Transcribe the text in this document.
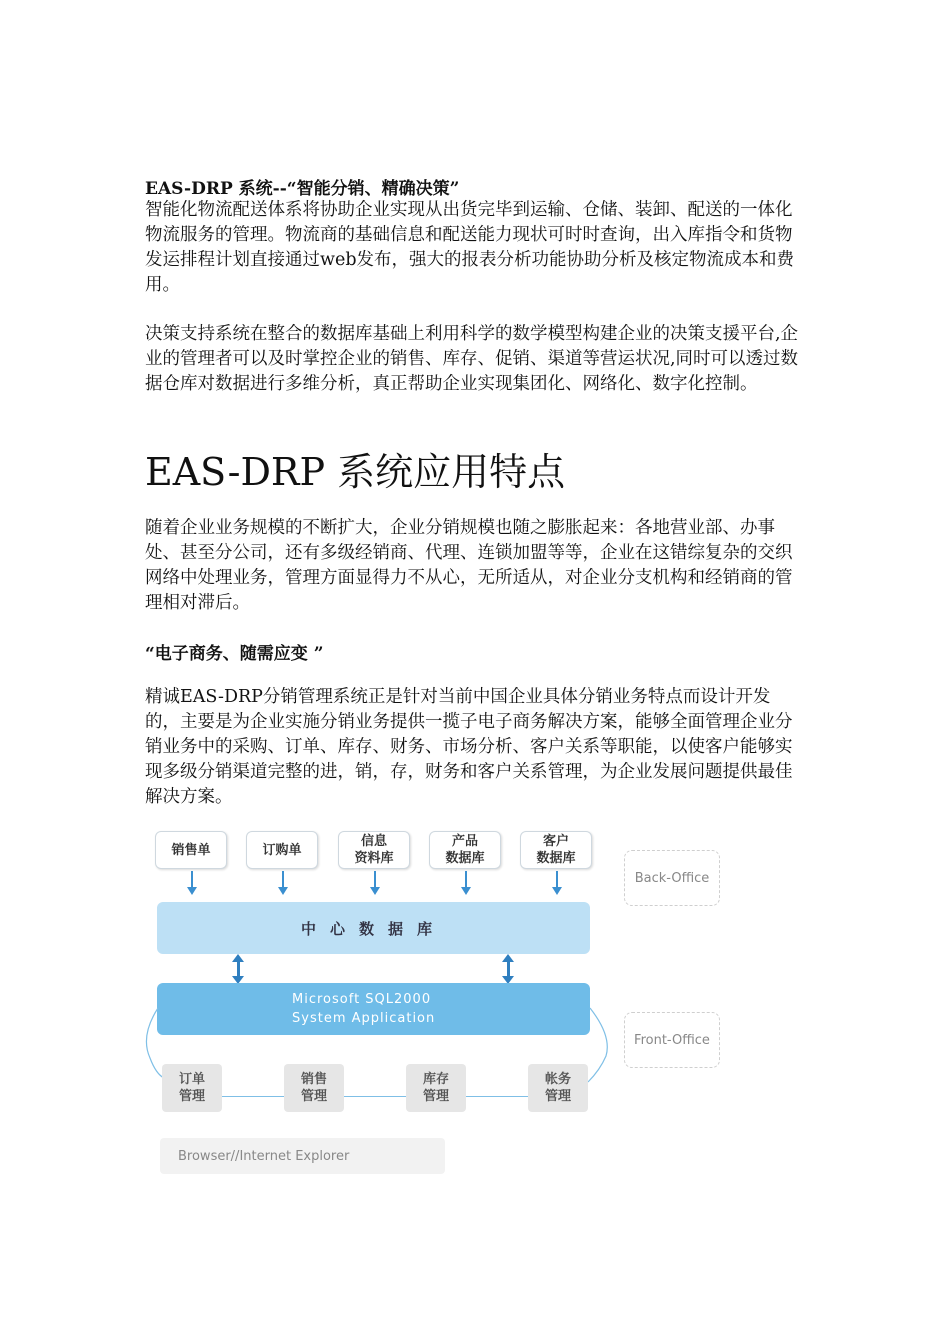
EAS-DRP 系统--“智能分销、精确决策”

智能化物流配送体系将协助企业实现从出货完毕到运输、仓储、装卸、配送的一体化物流服务的管理。物流商的基础信息和配送能力现状可时时查询，出入库指令和货物发运排程计划直接通过web发布，强大的报表分析功能协助分析及核定物流成本和费用。

决策支持系统在整合的数据库基础上利用科学的数学模型构建企业的决策支援平台,企业的管理者可以及时掌控企业的销售、库存、促销、渠道等营运状况,同时可以透过数据仓库对数据进行多维分析，真正帮助企业实现集团化、网络化、数字化控制。

EAS-DRP 系统应用特点

随着企业业务规模的不断扩大，企业分销规模也随之膨胀起来：各地营业部、办事处、甚至分公司，还有多级经销商、代理、连锁加盟等等，企业在这错综复杂的交织网络中处理业务，管理方面显得力不从心，无所适从，对企业分支机构和经销商的管理相对滞后。

“电子商务、随需应变 ”

精诚EAS-DRP分销管理系统正是针对当前中国企业具体分销业务特点而设计开发的，主要是为企业实施分销业务提供一揽子电子商务解决方案，能够全面管理企业分销业务中的采购、订单、库存、财务、市场分析、客户关系等职能，以使客户能够实现多级分销渠道完整的进，销，存，财务和客户关系管理，为企业发展问题提供最佳解决方案。

销售单	订购单
信息
资料库
产品
数据库
客户
数据库
中心数据库
Microsoft SQL2000
System Application
Back-Office
Front-Office
订单
管理
销售
管理
库存
管理
帐务
管理
Browser//Internet Explorer
